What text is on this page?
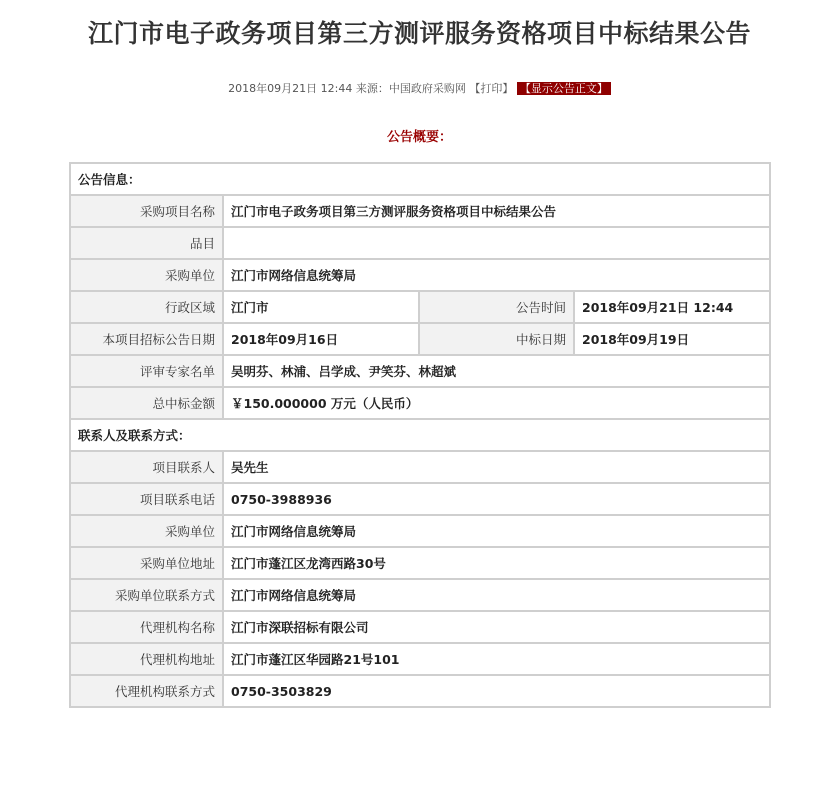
江门市电子政务项目第三方测评服务资格项目中标结果公告
2018年09月21日 12:44 来源：中国政府采购网 【打印】 【显示公告正文】
公告概要：
公告信息：			
采购项目名称	江门市电子政务项目第三方测评服务资格项目中标结果公告		
品目			
采购单位	江门市网络信息统筹局		
行政区域	江门市	公告时间	2018年09月21日 12:44
本项目招标公告日期	2018年09月16日	中标日期	2018年09月19日
评审专家名单	吴明芬、林浦、吕学成、尹笑芬、林超斌		
总中标金额	￥150.000000 万元（人民币）		
联系人及联系方式：			
项目联系人	吴先生		
项目联系电话	0750-3988936		
采购单位	江门市网络信息统筹局		
采购单位地址	江门市蓬江区龙湾西路30号		
采购单位联系方式	江门市网络信息统筹局		
代理机构名称	江门市深联招标有限公司		
代理机构地址	江门市蓬江区华园路21号101		
代理机构联系方式	0750-3503829		
